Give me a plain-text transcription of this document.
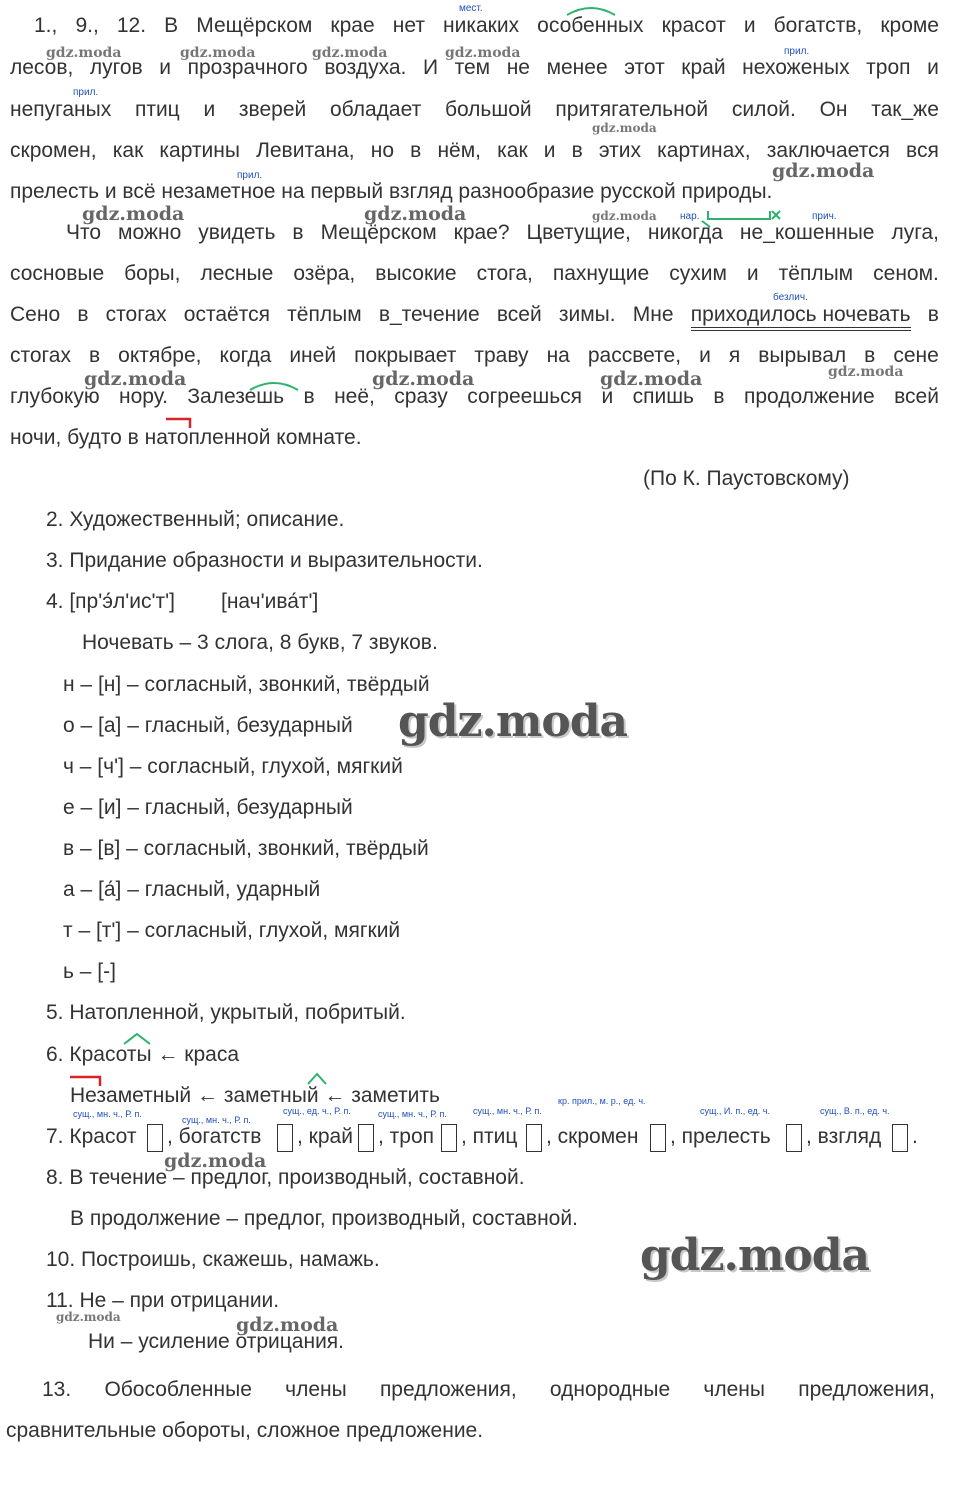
1., 9., 12. В Мещёрском крае нет никаких особенных красот и богатств, кроме
лесов, лугов и прозрачного воздуха. И тем не менее этот край нехоженых троп и
непуганых птиц и зверей обладает большой притягательной силой. Он так_же
скромен, как картины Левитана, но в нём, как и в этих картинах, заключается вся
прелесть и всё незаметное на первый взгляд разнообразие русской природы.
Что можно увидеть в Мещёрском крае? Цветущие, никогда не_кошенные луга,
сосновые боры, лесные озёра, высокие стога, пахнущие сухим и тёплым сеном.
Сено в стогах остаётся тёплым в_течение всей зимы. Мне приходилось ночевать в
стогах в октябре, когда иней покрывает траву на рассвете, и я вырывал в сене
глубокую нору. Залезешь в неё, сразу согреешься и спишь в продолжение всей
ночи, будто в натопленной комнате.
(По К. Паустовскому)
2. Художественный; описание.
3. Придание образности и выразительности.
4. [пр'э́л'ис'т'] [нач'ива́т']
Ночевать – 3 слога, 8 букв, 7 звуков.
н – [н] – согласный, звонкий, твёрдый
о – [а] – гласный, безударный
ч – [ч'] – согласный, глухой, мягкий
е – [и] – гласный, безударный
в – [в] – согласный, звонкий, твёрдый
а – [а́] – гласный, ударный
т – [т'] – согласный, глухой, мягкий
ь – [-]
5. Натопленной, укрытый, побритый.
6. Красоты ← краса
Незаметный ← заметный ← заметить
7. Красот , богатств , край , троп , птиц , скромен , прелесть , взгляд .
8. В течение – предлог, производный, составной.
В продолжение – предлог, производный, составной.
10. Построишь, скажешь, намажь.
11. Не – при отрицании.
Ни – усиление отрицания.
13. Обособленные члены предложения, однородные члены предложения,
сравнительные обороты, сложное предложение.
мест.
прил.
прил.
прил.
нар.	прич.
безлич.
сущ., мн. ч., Р. п.
сущ., мн. ч., Р. п.
сущ., ед. ч., Р. п.	сущ., мн. ч., Р. п.	сущ., мн. ч., Р. п.
кр. прил., м. р., ед. ч.
сущ., И. п., ед. ч.	сущ., В. п., ед. ч.
gdz.moda	gdz.moda	gdz.moda	gdz.moda
gdz.moda
gdz.moda	gdz.moda	gdz.moda
gdz.moda
gdz.moda	gdz.moda	gdz.moda	gdz.moda
gdz.moda
gdz.moda
gdz.moda
gdz.moda	gdz.moda
